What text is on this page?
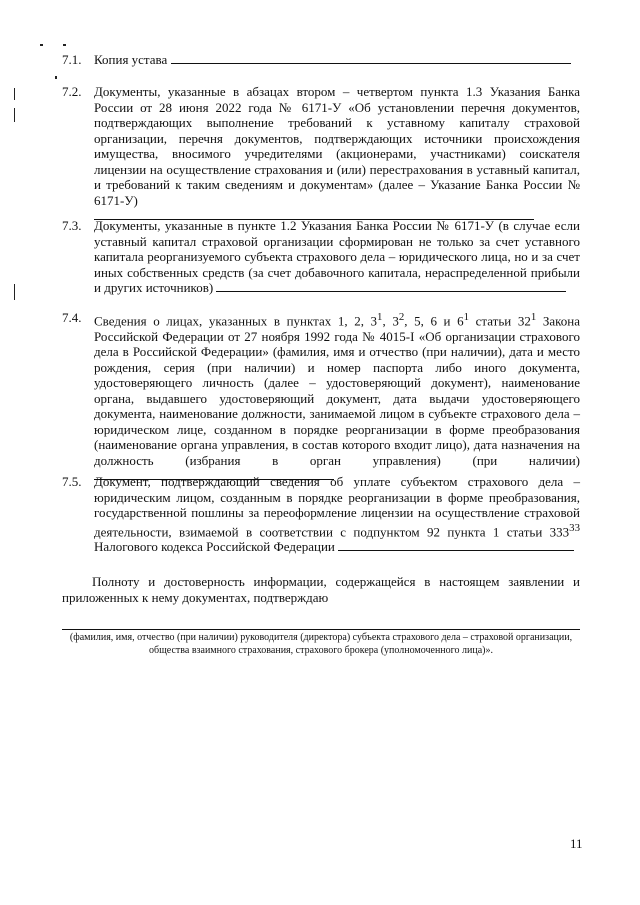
7.1. Копия устава
7.2. Документы, указанные в абзацах втором – четвертом пункта 1.3 Указания Банка России от 28 июня 2022 года № 6171-У «Об установлении перечня документов, подтверждающих выполнение требований к уставному капиталу страховой организации, перечня документов, подтверждающих источники происхождения имущества, вносимого учредителями (акционерами, участниками) соискателя лицензии на осуществление страхования и (или) перестрахования в уставный капитал, и требований к таким сведениям и документам» (далее – Указание Банка России № 6171-У)
7.3. Документы, указанные в пункте 1.2 Указания Банка России № 6171-У (в случае если уставный капитал страховой организации сформирован не только за счет уставного капитала реорганизуемого субъекта страхового дела – юридического лица, но и за счет иных собственных средств (за счет добавочного капитала, нераспределенной прибыли и других источников)
7.4. Сведения о лицах, указанных в пунктах 1, 2, $3^1$, $3^2$, 5, 6 и $6^1$ статьи $32^1$ Закона Российской Федерации от 27 ноября 1992 года № 4015-I «Об организации страхового дела в Российской Федерации» (фамилия, имя и отчество (при наличии), дата и место рождения, серия (при наличии) и номер паспорта либо иного документа, удостоверяющего личность (далее – удостоверяющий документ), наименование органа, выдавшего удостоверяющий документ, дата выдачи удостоверяющего документа, наименование должности, занимаемой лицом в субъекте страхового дела – юридическом лице, созданном в порядке реорганизации в форме преобразования (наименование органа управления, в состав которого входит лицо), дата назначения на должность (избрания в орган управления) (при наличии)
7.5. Документ, подтверждающий сведения об уплате субъектом страхового дела – юридическим лицом, созданным в порядке реорганизации в форме преобразования, государственной пошлины за переоформление лицензии на осуществление страховой деятельности, взимаемой в соответствии с подпунктом 92 пункта 1 статьи $333^{33}$ Налогового кодекса Российской Федерации
Полноту и достоверность информации, содержащейся в настоящем заявлении и приложенных к нему документах, подтверждаю
(фамилия, имя, отчество (при наличии) руководителя (директора) субъекта страхового дела – страховой организации, общества взаимного страхования, страхового брокера (уполномоченного лица)».
11
